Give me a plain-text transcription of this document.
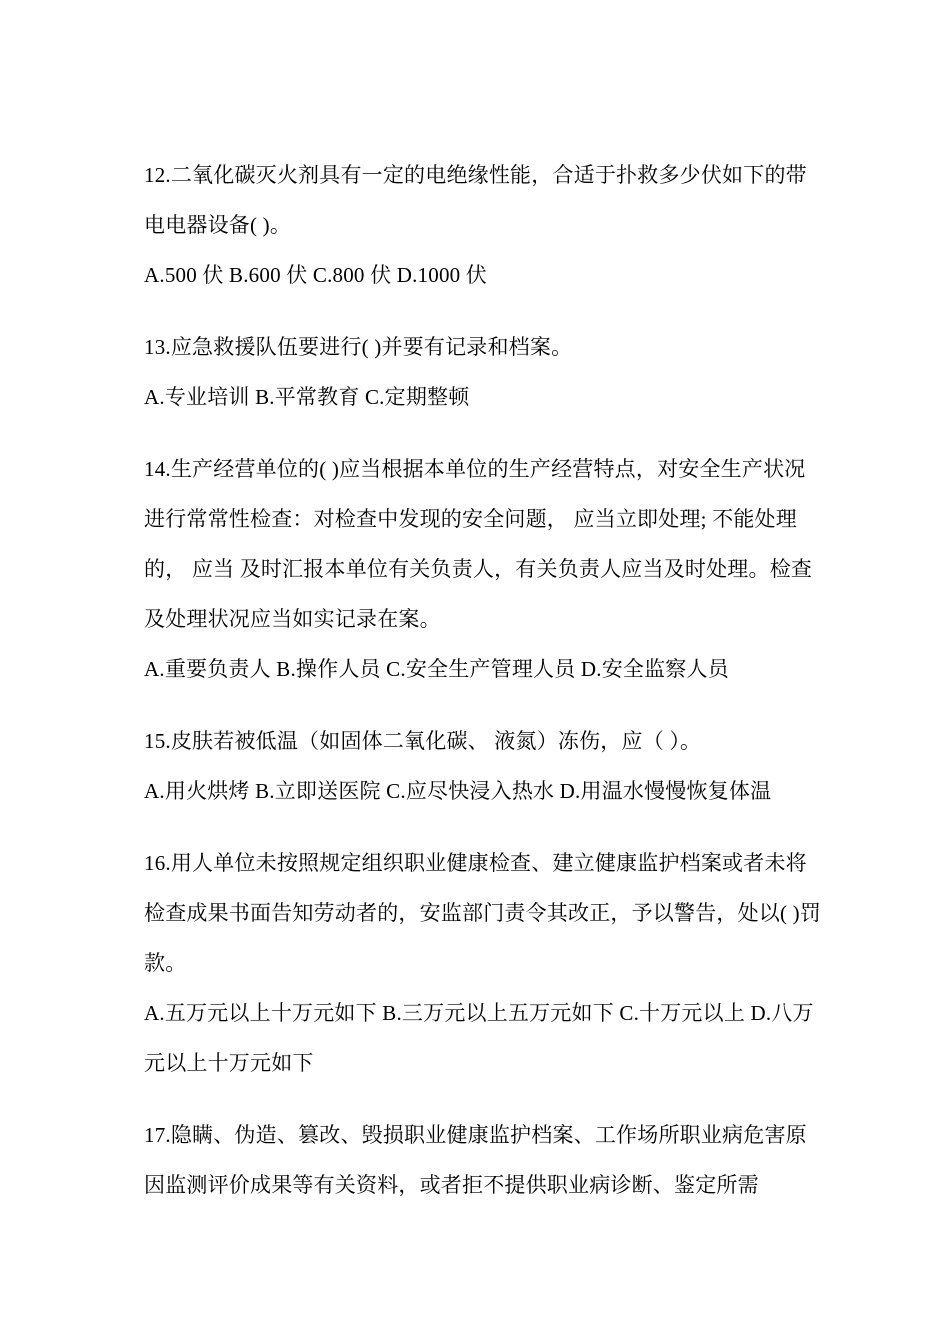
12.二氧化碳灭火剂具有一定的电绝缘性能，合适于扑救多少伏如下的带电电器设备( )。

A.500 伏 B.600 伏 C.800 伏 D.1000 伏

13.应急救援队伍要进行( )并要有记录和档案。

A.专业培训 B.平常教育 C.定期整顿

14.生产经营单位的( )应当根据本单位的生产经营特点，对安全生产状况进行常常性检查：对检查中发现的安全问题， 应当立即处理; 不能处理的， 应当 及时汇报本单位有关负责人，有关负责人应当及时处理。检查及处理状况应当如实记录在案。

A.重要负责人 B.操作人员 C.安全生产管理人员 D.安全监察人员

15.皮肤若被低温（如固体二氧化碳、 液氮）冻伤，应（ ）。

A.用火烘烤 B.立即送医院 C.应尽快浸入热水 D.用温水慢慢恢复体温

16.用人单位未按照规定组织职业健康检查、建立健康监护档案或者未将检查成果书面告知劳动者的，安监部门责令其改正，予以警告，处以( )罚款。

A.五万元以上十万元如下 B.三万元以上五万元如下 C.十万元以上 D.八万元以上十万元如下

17.隐瞒、伪造、篡改、毁损职业健康监护档案、工作场所职业病危害原因监测评价成果等有关资料，或者拒不提供职业病诊断、鉴定所需
